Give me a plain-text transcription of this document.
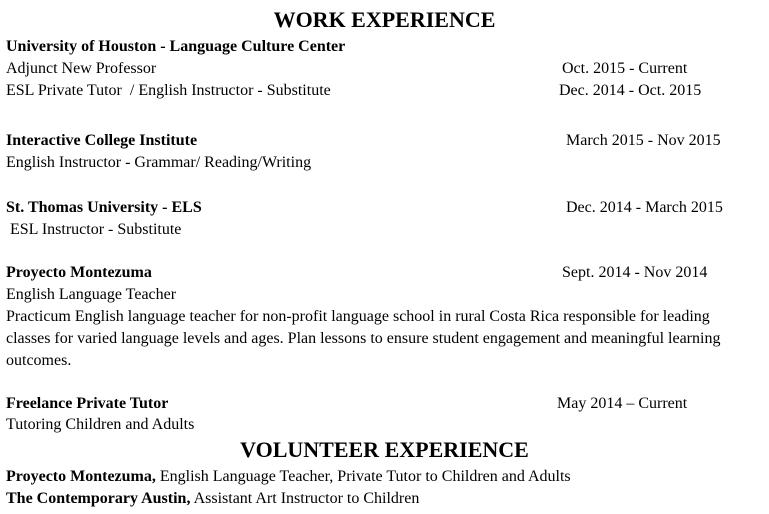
WORK EXPERIENCE
University of Houston - Language Culture Center
Adjunct New Professor	Oct. 2015 - Current
ESL Private Tutor  / English Instructor - Substitute	Dec. 2014 - Oct. 2015
Interactive College Institute	March 2015 - Nov 2015
English Instructor - Grammar/ Reading/Writing
St. Thomas University - ELS	Dec. 2014 - March 2015
ESL Instructor - Substitute
Proyecto Montezuma	Sept. 2014 - Nov 2014
English Language Teacher
Practicum English language teacher for non-profit language school in rural Costa Rica responsible for leading classes for varied language levels and ages. Plan lessons to ensure student engagement and meaningful learning outcomes.
Freelance Private Tutor	May 2014 – Current
Tutoring Children and Adults
VOLUNTEER EXPERIENCE
Proyecto Montezuma, English Language Teacher, Private Tutor to Children and Adults
The Contemporary Austin, Assistant Art Instructor to Children
